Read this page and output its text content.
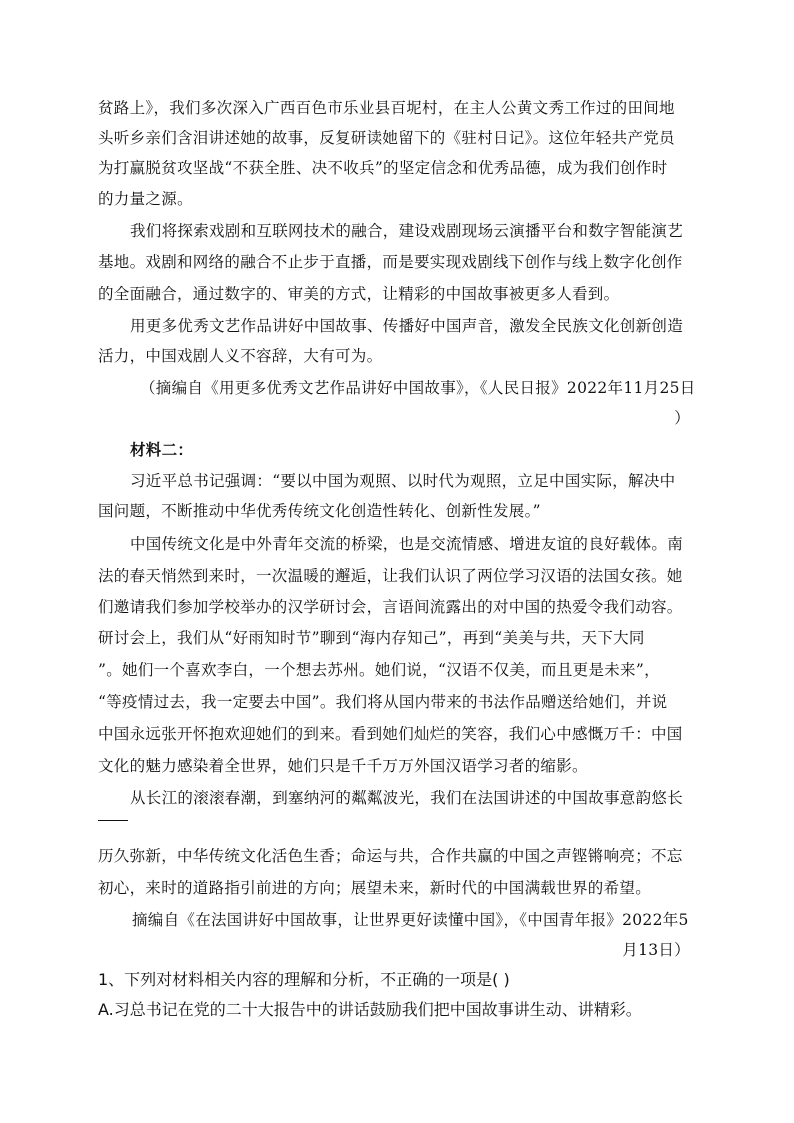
贫路上》，我们多次深入广西百色市乐业县百坭村，在主人公黄文秀工作过的田间地
头听乡亲们含泪讲述她的故事，反复研读她留下的《驻村日记》。这位年轻共产党员
为打赢脱贫攻坚战“不获全胜、决不收兵”的坚定信念和优秀品德，成为我们创作时
的力量之源。
我们将探索戏剧和互联网技术的融合，建设戏剧现场云演播平台和数字智能演艺
基地。戏剧和网络的融合不止步于直播，而是要实现戏剧线下创作与线上数字化创作
的全面融合，通过数字的、审美的方式，让精彩的中国故事被更多人看到。
用更多优秀文艺作品讲好中国故事、传播好中国声音，激发全民族文化创新创造
活力，中国戏剧人义不容辞，大有可为。
（摘编自《用更多优秀文艺作品讲好中国故事》，《人民日报》2022年11月25日
）
材料二：
习近平总书记强调：“要以中国为观照、以时代为观照，立足中国实际，解决中
国问题，不断推动中华优秀传统文化创造性转化、创新性发展。”
中国传统文化是中外青年交流的桥梁，也是交流情感、增进友谊的良好载体。南
法的春天悄然到来时，一次温暖的邂逅，让我们认识了两位学习汉语的法国女孩。她
们邀请我们参加学校举办的汉学研讨会，言语间流露出的对中国的热爱令我们动容。
研讨会上，我们从“好雨知时节”聊到“海内存知己”，再到“美美与共，天下大同
”。她们一个喜欢李白，一个想去苏州。她们说，“汉语不仅美，而且更是未来”，
“等疫情过去，我一定要去中国”。我们将从国内带来的书法作品赠送给她们，并说
中国永远张开怀抱欢迎她们的到来。看到她们灿烂的笑容，我们心中感慨万千：中国
文化的魅力感染着全世界，她们只是千千万万外国汉语学习者的缩影。
从长江的滚滚春潮，到塞纳河的粼粼波光，我们在法国讲述的中国故事意韵悠长
历久弥新，中华传统文化活色生香；命运与共，合作共赢的中国之声铿锵响亮；不忘
初心，来时的道路指引前进的方向；展望未来，新时代的中国满载世界的希望。
摘编自《在法国讲好中国故事，让世界更好读懂中国》，《中国青年报》2022年5
月13日）
1、下列对材料相关内容的理解和分析，不正确的一项是( )
A.习总书记在党的二十大报告中的讲话鼓励我们把中国故事讲生动、讲精彩。
